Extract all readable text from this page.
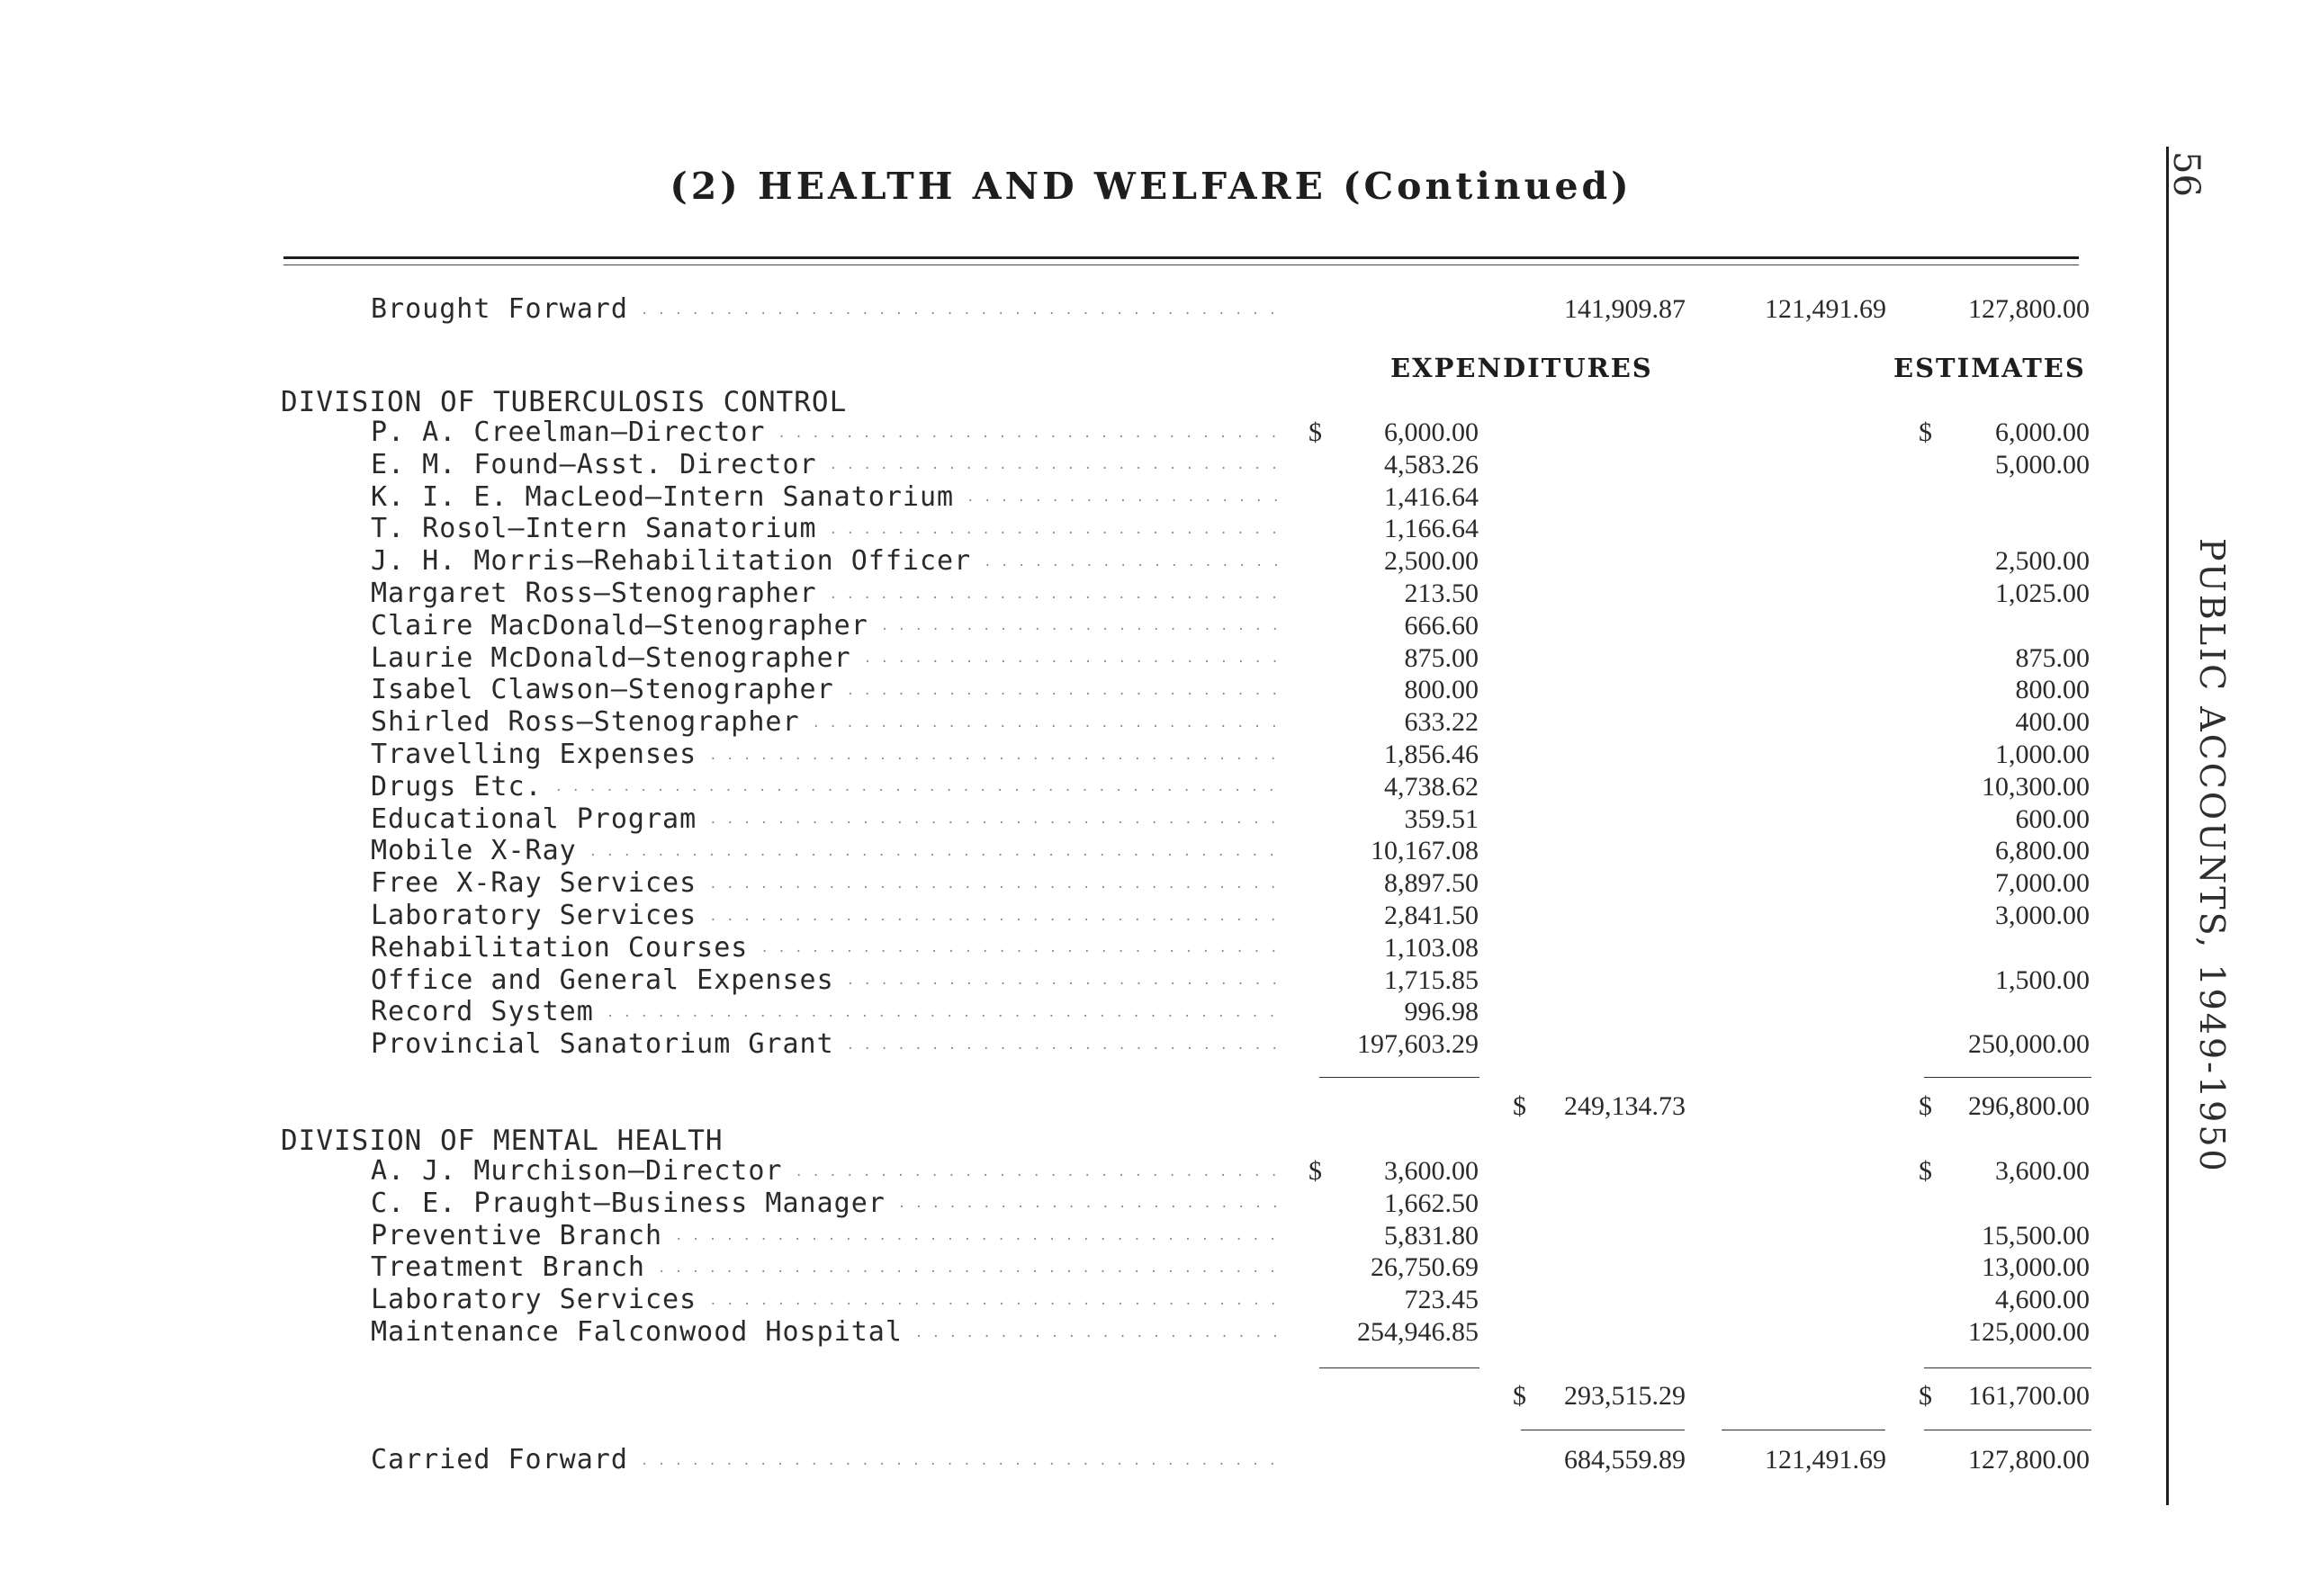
(2) HEALTH AND WELFARE (Continued)	56
PUBLIC ACCOUNTS, 1949-1950
Brought Forward . . .	141,909.87	121,491.69	127,800.00
EXPENDITURES	ESTIMATES
DIVISION OF TUBERCULOSIS CONTROL
P. A. Creelman—Director . . .	$ 6,000.00	$ 6,000.00
E. M. Found—Asst. Director . . .	4,583.26	5,000.00
K. I. E. MacLeod—Intern Sanatorium . . .	1,416.64
T. Rosol—Intern Sanatorium . . .	1,166.64
J. H. Morris—Rehabilitation Officer . . .	2,500.00	2,500.00
Margaret Ross—Stenographer . . .	213.50	1,025.00
Claire MacDonald—Stenographer . . .	666.60
Laurie McDonald—Stenographer . . .	875.00	875.00
Isabel Clawson—Stenographer . . .	800.00	800.00
Shirled Ross—Stenographer . . .	633.22	400.00
Travelling Expenses . . .	1,856.46	1,000.00
Drugs Etc. . . .	4,738.62	10,300.00
Educational Program . . .	359.51	600.00
Mobile X-Ray . . .	10,167.08	6,800.00
Free X-Ray Services . . .	8,897.50	7,000.00
Laboratory Services . . .	2,841.50	3,000.00
Rehabilitation Courses . . .	1,103.08
Office and General Expenses . . .	1,715.85	1,500.00
Record System . . .	996.98
Provincial Sanatorium Grant . . .	197,603.29	250,000.00
$ 249,134.73	$ 296,800.00
DIVISION OF MENTAL HEALTH
A. J. Murchison—Director . . .	$ 3,600.00	$ 3,600.00
C. E. Praught—Business Manager . . .	1,662.50
Preventive Branch . . .	5,831.80	15,500.00
Treatment Branch . . .	26,750.69	13,000.00
Laboratory Services . . .	723.45	4,600.00
Maintenance Falconwood Hospital . . .	254,946.85	125,000.00
$ 293,515.29	$ 161,700.00
Carried Forward . . .	684,559.89	121,491.69	127,800.00
